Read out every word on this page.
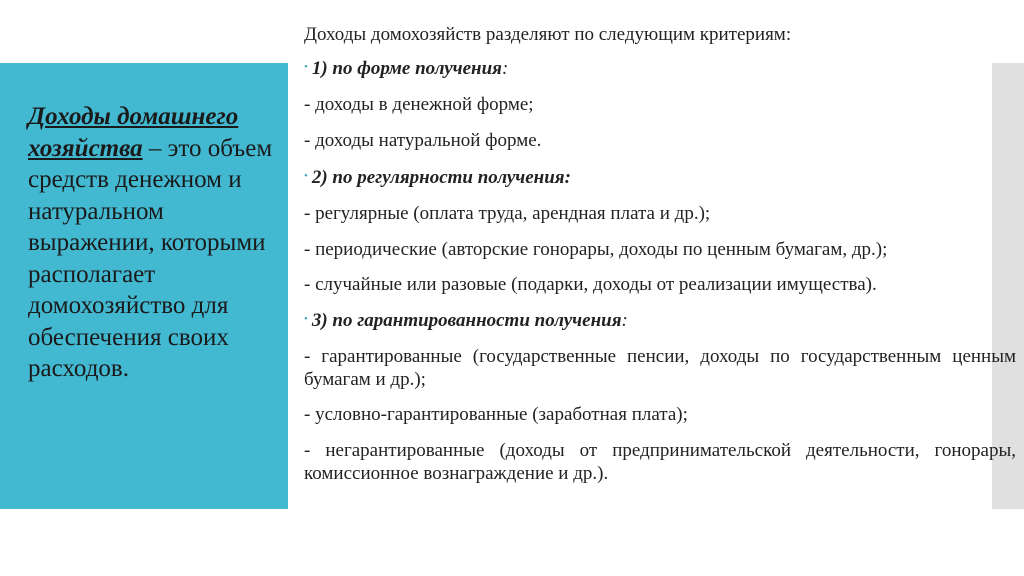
Доходы домашнего хозяйства – это объем средств денежном и натуральном выражении, которыми располагает домохозяйство для обеспечения своих расходов.

Доходы домохозяйств разделяют по следующим критериям:

• 1) по форме получения:

- доходы в денежной форме;

- доходы натуральной форме.

• 2) по регулярности получения:

- регулярные (оплата труда, арендная плата и др.);

- периодические (авторские гонорары, доходы по ценным бумагам, др.);

- случайные или разовые (подарки, доходы от реализации имущества).

• 3) по гарантированности получения:

- гарантированные (государственные пенсии, доходы по государственным ценным бумагам и др.);

- условно-гарантированные (заработная плата);

- негарантированные (доходы от предпринимательской деятельности, гонорары, комиссионное вознаграждение и др.).
